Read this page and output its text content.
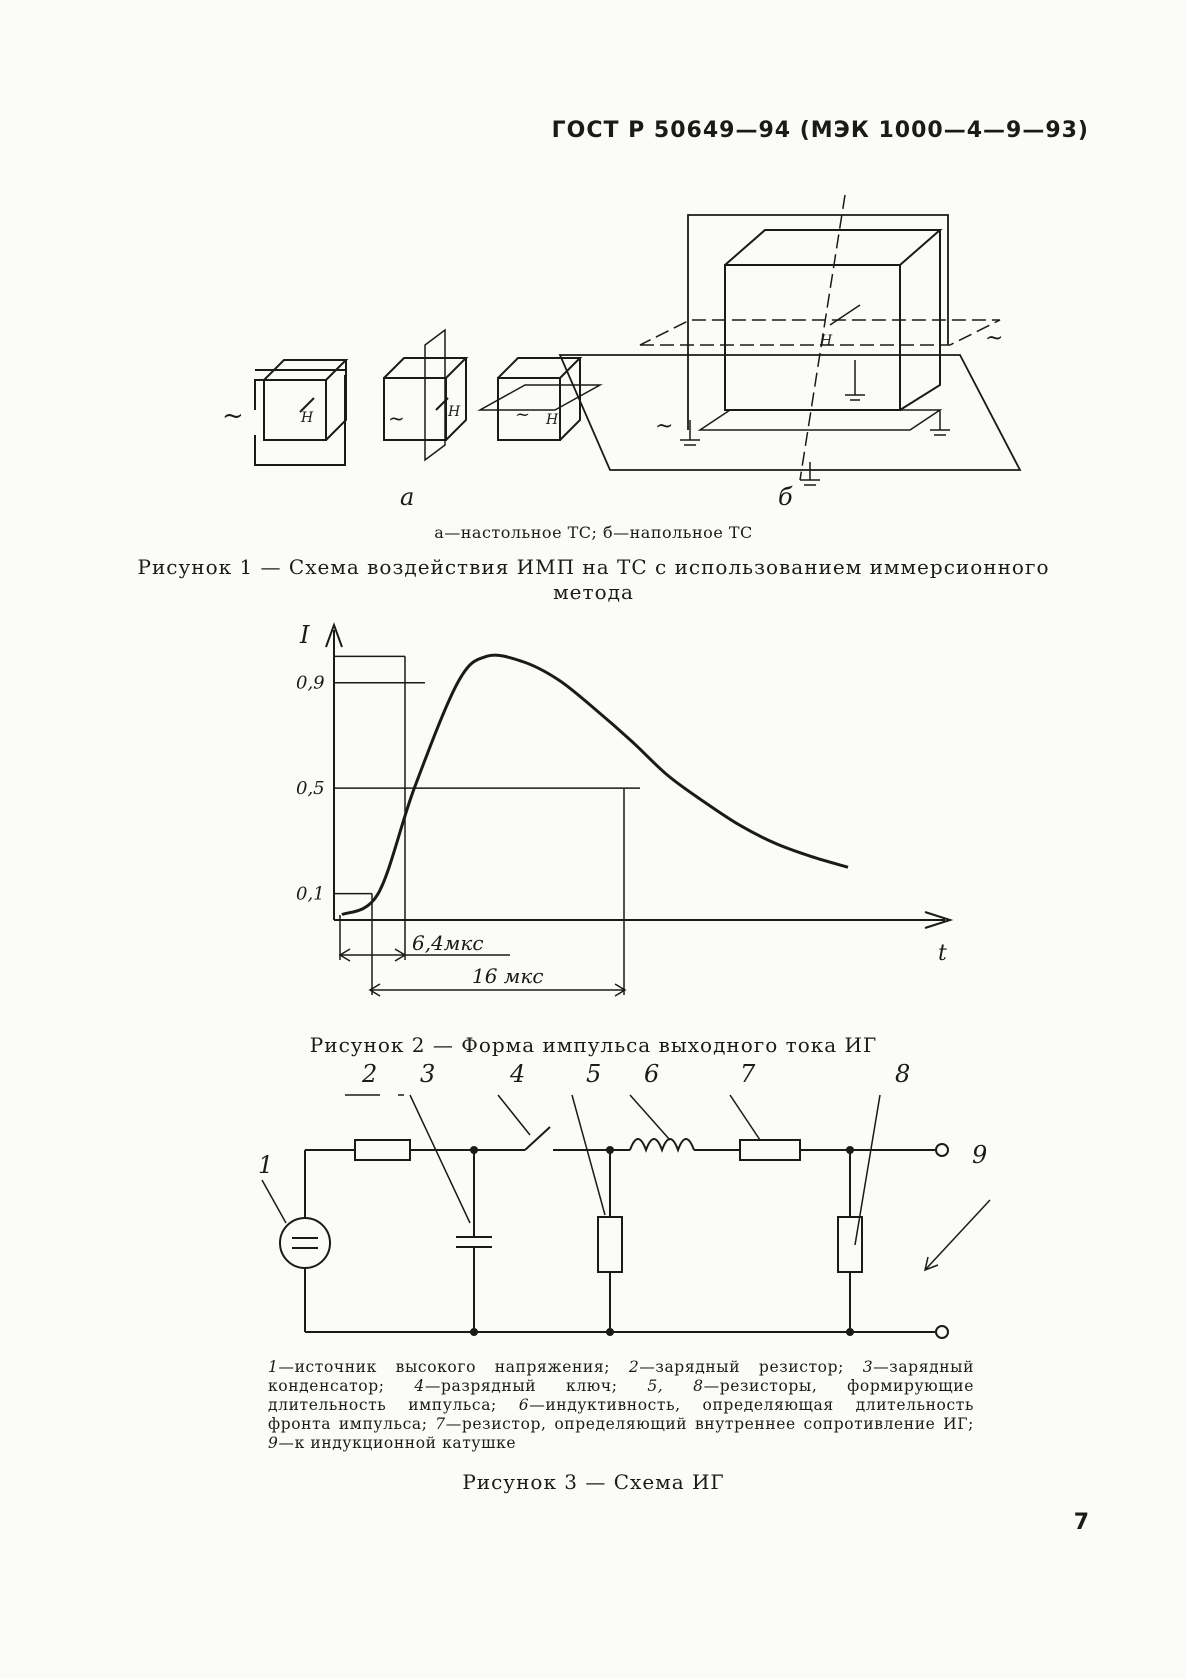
ГОСТ Р 50649—94 (МЭК 1000—4—9—93)
~	Н	~	Н	~ Н	~
Н	~
а	б
а—настольное ТС; б—напольное ТС
Рисунок 1 — Схема воздействия ИМП на ТС с использованием иммерсионного
метода
I
t
0,1
0,5
0,9
6,4мкс
16 мкс
Рисунок 2 — Форма импульса выходного тока ИГ
1
2 3	4	5 6	7	8
9
1—источник высокого напряжения; 2—зарядный резистор; 3—зарядный конденсатор; 4—разрядный ключ; 5, 8—резисторы, формирующие длительность импульса; 6—индуктивность, определяющая длительность фронта импульса; 7—резистор, определяющий внутреннее сопротивление ИГ; 9—к индукционной катушке
Рисунок 3 — Схема ИГ
7
